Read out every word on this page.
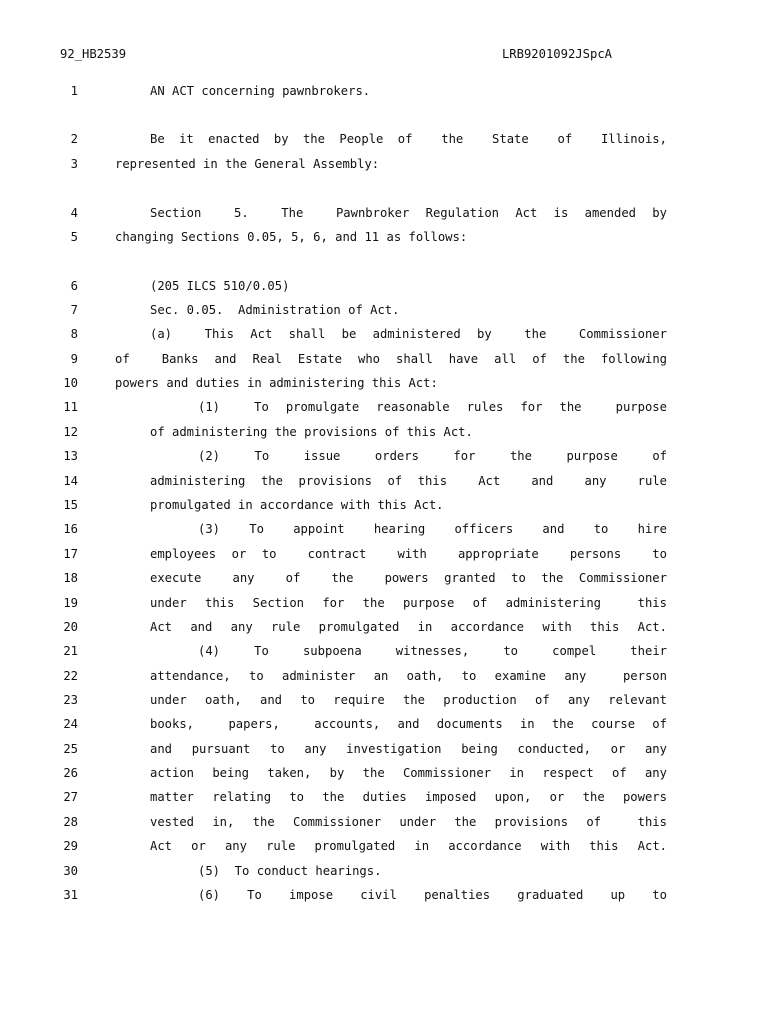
92_HB2539	LRB9201092JSpcA
1	AN ACT concerning pawnbrokers.
2	Be it enacted by the People of  the  State  of  Illinois,
3	represented in the General Assembly:
4	Section  5.  The  Pawnbroker Regulation Act is amended by
5	changing Sections 0.05, 5, 6, and 11 as follows:
6	(205 ILCS 510/0.05)
7	Sec. 0.05.  Administration of Act.
8	(a)  This Act shall be administered by  the  Commissioner
9	of  Banks and Real Estate who shall have all of the following
10	powers and duties in administering this Act:
11	(1)  To promulgate reasonable rules for the  purpose
12	of administering the provisions of this Act.
13	(2)  To  issue  orders  for  the  purpose  of
14	administering the provisions of this  Act  and  any  rule
15	promulgated in accordance with this Act.
16	(3)  To  appoint  hearing  officers  and  to  hire
17	employees or to  contract  with  appropriate  persons  to
18	execute  any  of  the  powers granted to the Commissioner
19	under this Section for the purpose of administering  this
20	Act and any rule promulgated in accordance with this Act.
21	(4)  To  subpoena  witnesses,  to  compel  their
22	attendance, to administer an oath, to examine any  person
23	under oath, and to require the production of any relevant
24	books,  papers,  accounts, and documents in the course of
25	and pursuant to any investigation being conducted, or any
26	action being taken, by the Commissioner in respect of any
27	matter relating to the duties imposed upon, or the powers
28	vested in, the Commissioner under the provisions of  this
29	Act or any rule promulgated in accordance with this Act.
30	(5)  To conduct hearings.
31	(6)  To  impose  civil  penalties  graduated  up  to
